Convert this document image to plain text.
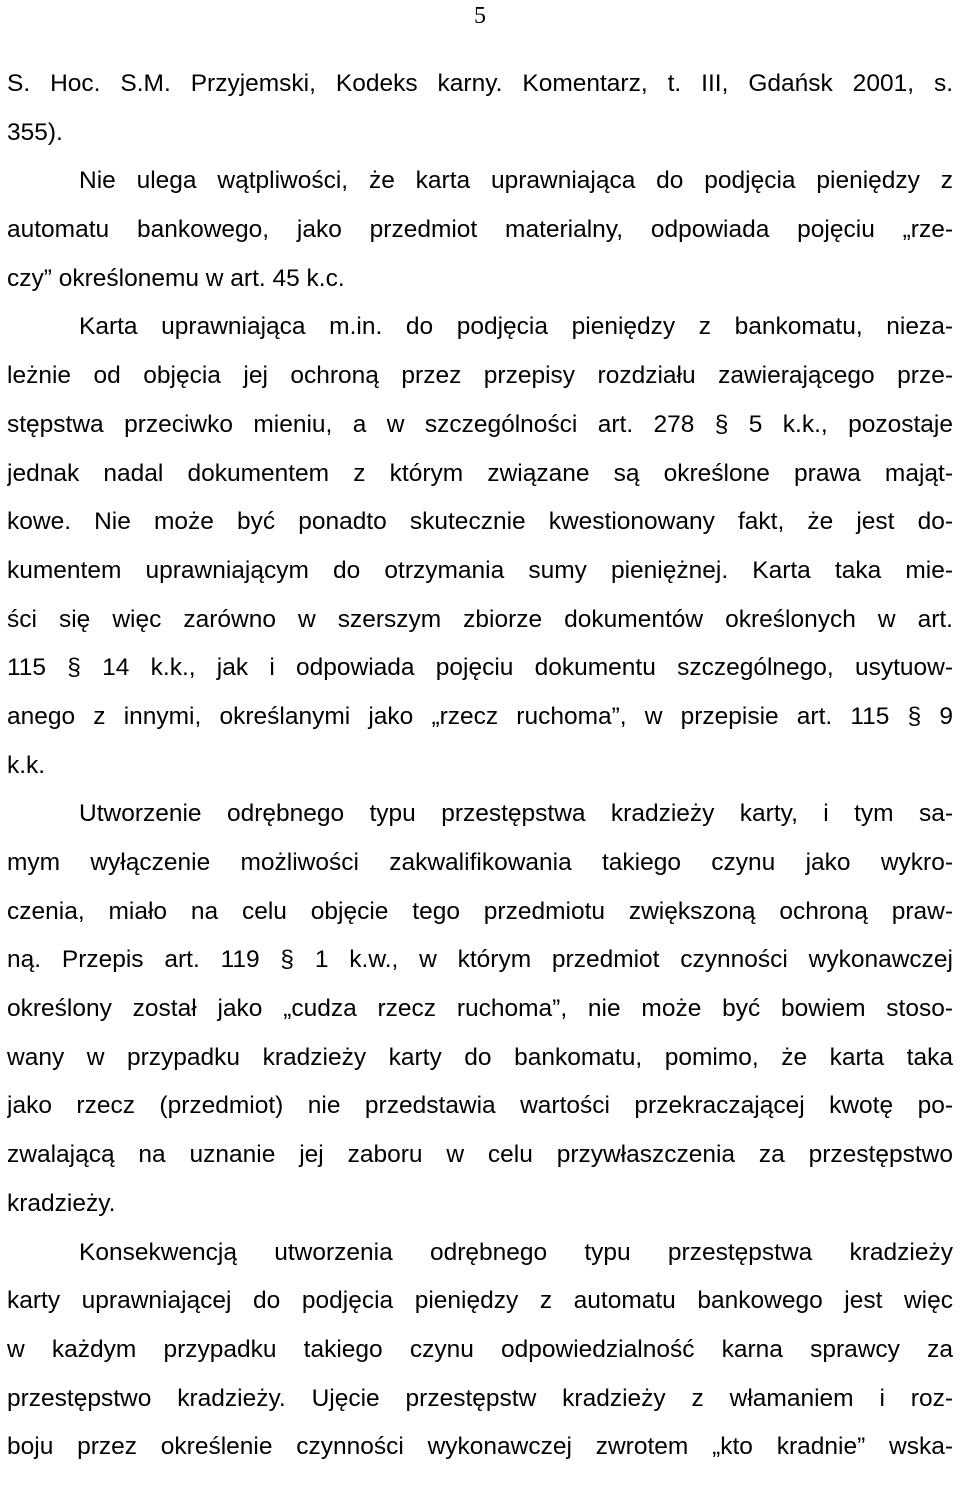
5
S. Hoc. S.M. Przyjemski, Kodeks karny. Komentarz, t. III, Gdańsk 2001, s.
355).
Nie ulega wątpliwości, że karta uprawniająca do podjęcia pieniędzy z
automatu bankowego, jako przedmiot materialny, odpowiada pojęciu „rze-
czy” określonemu w art. 45 k.c.
Karta uprawniająca m.in. do podjęcia pieniędzy z bankomatu, nieza-
leżnie od objęcia jej ochroną przez przepisy rozdziału zawierającego prze-
stępstwa przeciwko mieniu, a w szczególności art. 278 § 5 k.k., pozostaje
jednak nadal dokumentem z którym związane są określone prawa mająt-
kowe. Nie może być ponadto skutecznie kwestionowany fakt, że jest do-
kumentem uprawniającym do otrzymania sumy pieniężnej. Karta taka mie-
ści się więc zarówno w szerszym zbiorze dokumentów określonych w art.
115 § 14 k.k., jak i odpowiada pojęciu dokumentu szczególnego, usytuow-
anego z innymi, określanymi jako „rzecz ruchoma”, w przepisie art. 115 § 9
k.k.
Utworzenie odrębnego typu przestępstwa kradzieży karty, i tym sa-
mym wyłączenie możliwości zakwalifikowania takiego czynu jako wykro-
czenia, miało na celu objęcie tego przedmiotu zwiększoną ochroną praw-
ną. Przepis art. 119 § 1 k.w., w którym przedmiot czynności wykonawczej
określony został jako „cudza rzecz ruchoma”, nie może być bowiem stoso-
wany w przypadku kradzieży karty do bankomatu, pomimo, że karta taka
jako rzecz (przedmiot) nie przedstawia wartości przekraczającej kwotę po-
zwalającą na uznanie jej zaboru w celu przywłaszczenia za przestępstwo
kradzieży.
Konsekwencją utworzenia odrębnego typu przestępstwa kradzieży
karty uprawniającej do podjęcia pieniędzy z automatu bankowego jest więc
w każdym przypadku takiego czynu odpowiedzialność karna sprawcy za
przestępstwo kradzieży. Ujęcie przestępstw kradzieży z włamaniem i roz-
boju przez określenie czynności wykonawczej zwrotem „kto kradnie” wska-
